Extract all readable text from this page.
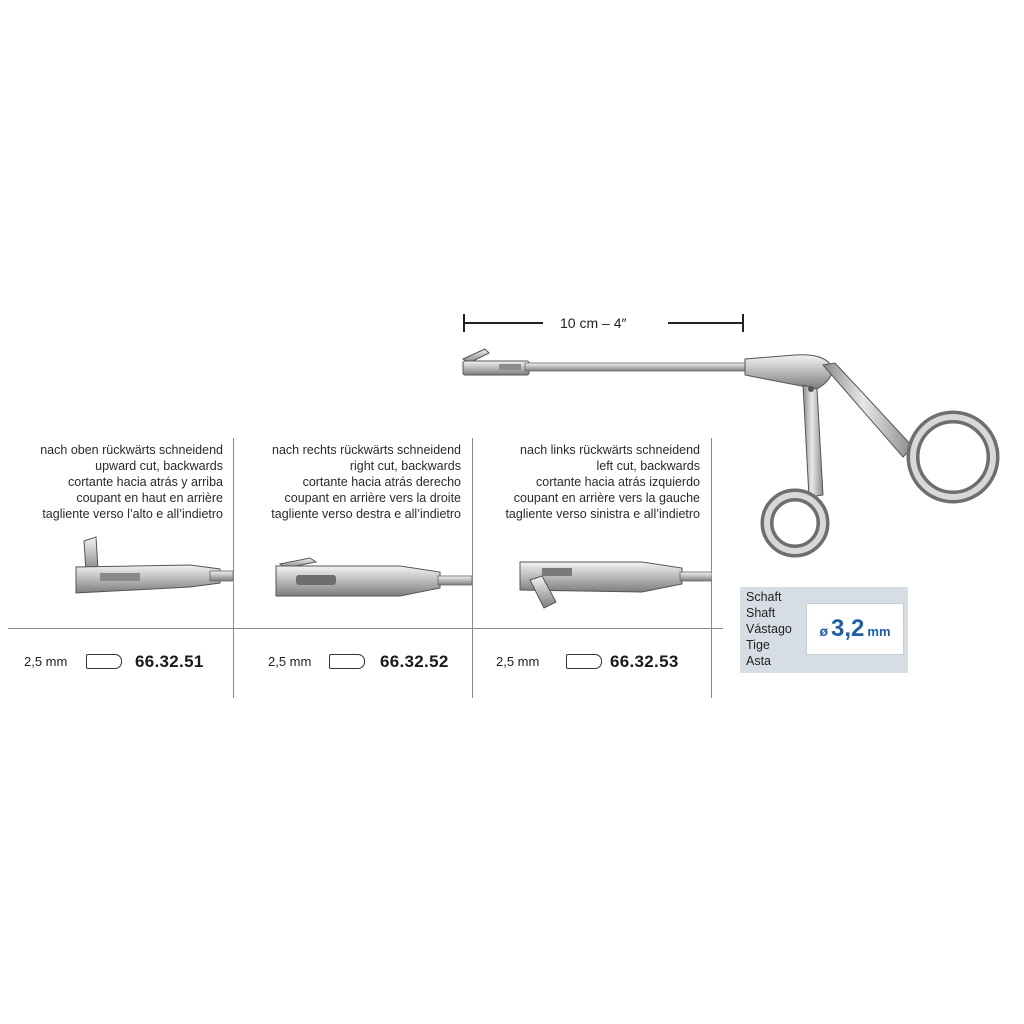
10 cm – 4″
nach oben rückwärts schneidend
upward cut, backwards
cortante hacia atrás y arriba
coupant en haut en arrière
tagliente verso l’alto e all’indietro
2,5 mm	66.32.51
nach rechts rückwärts schneidend
right cut, backwards
cortante hacia atrás derecho
coupant en arrière vers la droite
tagliente verso destra e all’indietro
2,5 mm	66.32.52
nach links rückwärts schneidend
left cut, backwards
cortante hacia atrás izquierdo
coupant en arrière vers la gauche
tagliente verso sinistra e all’indietro
2,5 mm	66.32.53
Schaft
Shaft
Vástago
Tige
Asta
ø 3,2 mm
